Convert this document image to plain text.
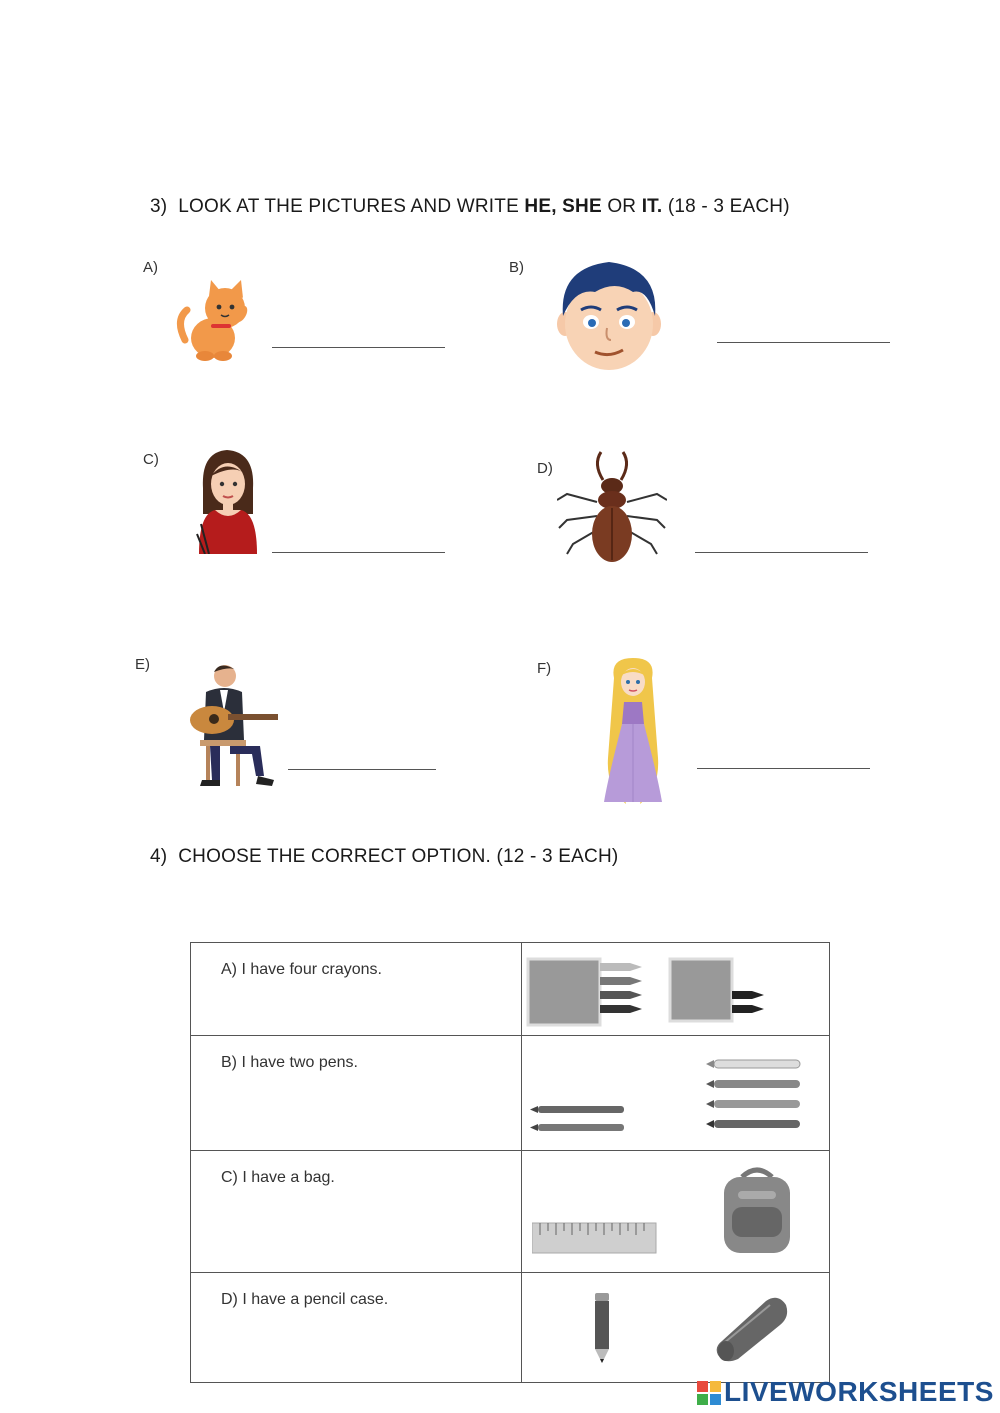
3) LOOK AT THE PICTURES AND WRITE HE, SHE OR IT. (18 - 3 EACH)
A)	B)
C)
D)
E)	F)
4) CHOOSE THE CORRECT OPTION. (12 - 3 EACH)
A) I have four crayons.	

B) I have two pens.	

C) I have a bag.	

D) I have a pencil case.	
LIVEWORKSHEETS
